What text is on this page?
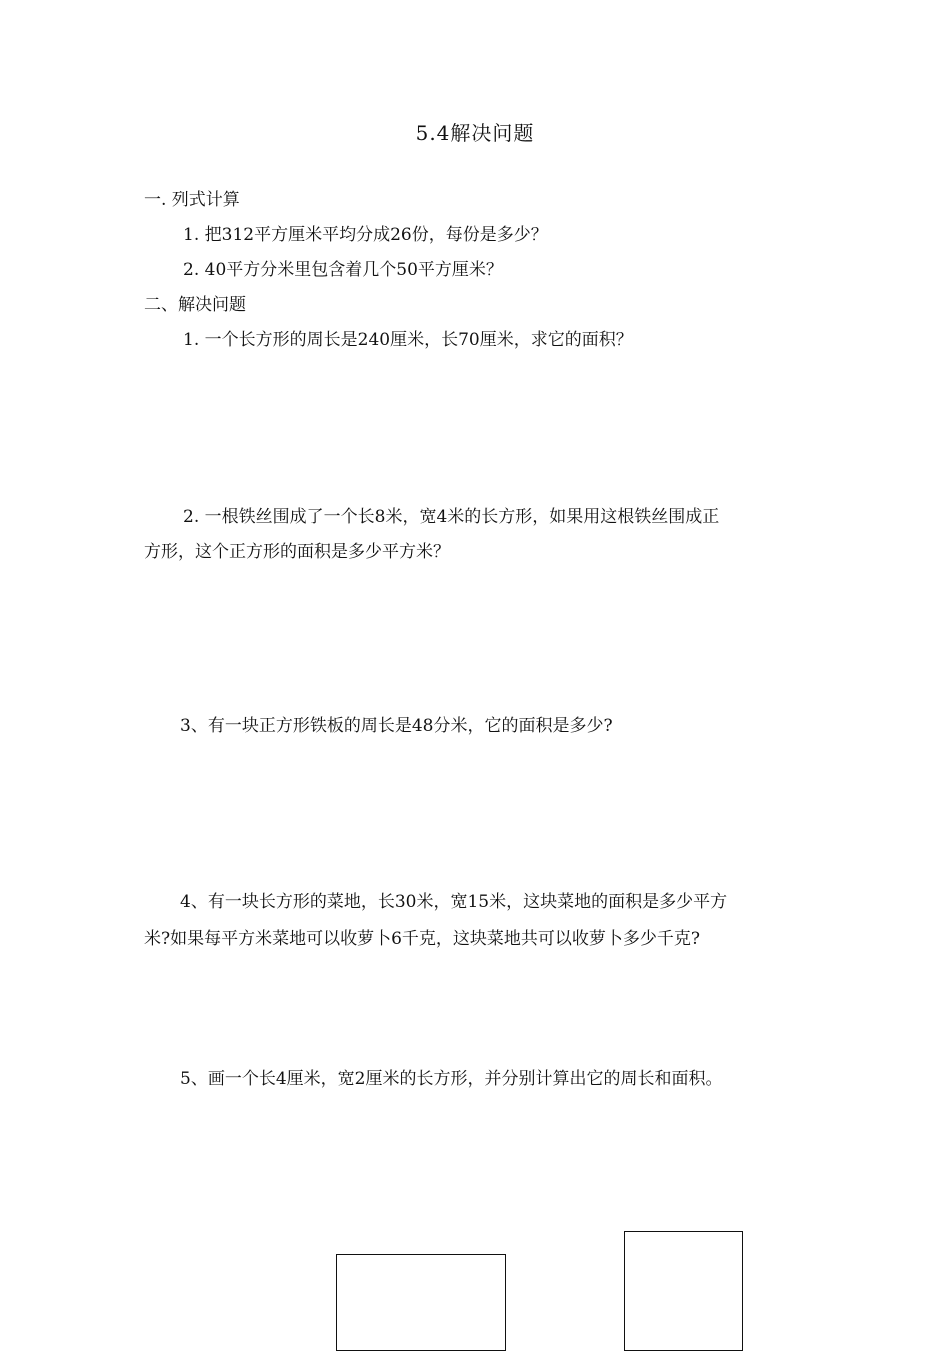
5.4解决问题
一. 列式计算
1. 把312平方厘米平均分成26份，每份是多少？
2. 40平方分米里包含着几个50平方厘米？
二、解决问题
1. 一个长方形的周长是240厘米，长70厘米，求它的面积？
2. 一根铁丝围成了一个长8米，宽4米的长方形，如果用这根铁丝围成正
方形，这个正方形的面积是多少平方米？
3、有一块正方形铁板的周长是48分米，它的面积是多少?
4、有一块长方形的菜地，长30米，宽15米，这块菜地的面积是多少平方
米?如果每平方米菜地可以收萝卜6千克，这块菜地共可以收萝卜多少千克?
5、画一个长4厘米，宽2厘米的长方形，并分别计算出它的周长和面积。
